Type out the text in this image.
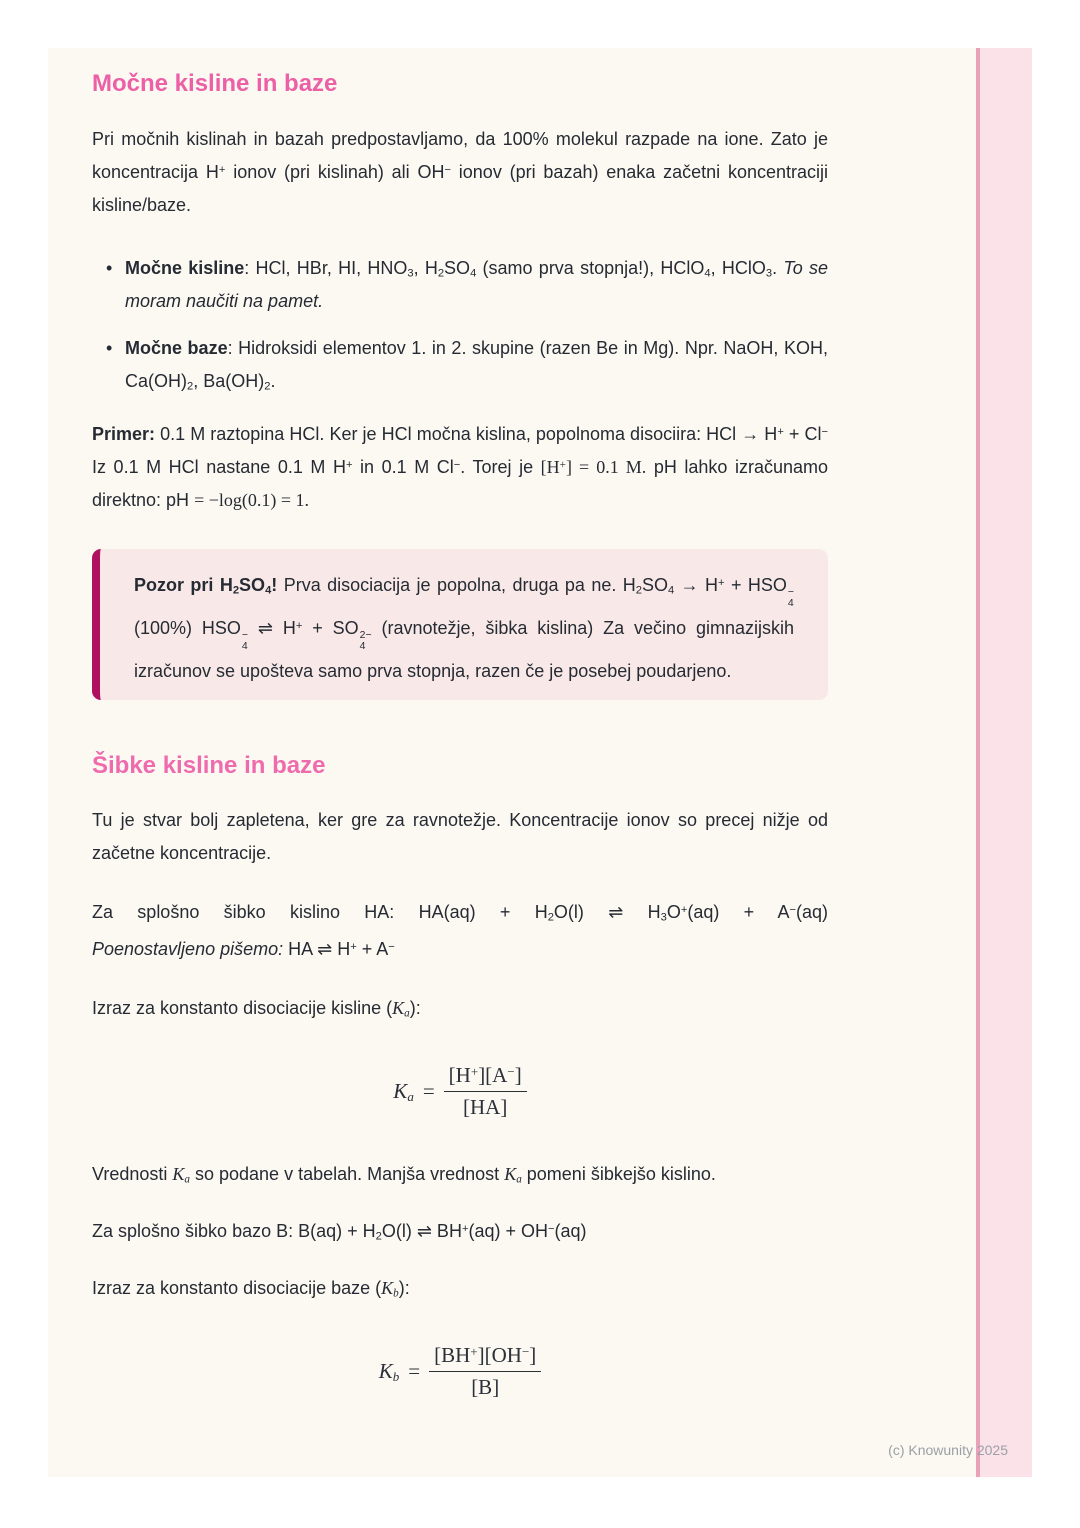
Močne kisline in baze

Pri močnih kislinah in bazah predpostavljamo, da 100% molekul razpade na ione. Zato je koncentracija H+ ionov (pri kislinah) ali OH− ionov (pri bazah) enaka začetni koncentraciji kisline/baze.

• Močne kisline: HCl, HBr, HI, $HNO_3$, $H_2SO_4$ (samo prva stopnja!), HClO$_4$, HClO$_3$. To se moram naučiti na pamet.
• Močne baze: Hidroksidi elementov 1. in 2. skupine (razen Be in Mg). Npr. NaOH, KOH, $Ca(OH)_2$, $Ba(OH)_2$.

Primer: 0.1 M raztopina HCl. Ker je HCl močna kislina, popolnoma disociira: HCl → H+ + Cl− Iz 0.1 M HCl nastane 0.1 M H+ in 0.1 M Cl−. Torej je [H+] = 0.1 M. pH lahko izračunamo direktno: pH = −log(0.1) = 1.

Pozor pri $H_2SO_4$! Prva disociacija je popolna, druga pa ne. $H_2SO_4 \to H^+$ + HSO −
4
(100%) HSO −
4
⇌ H+ + SO 2−
4
(ravnotežje, šibka kislina) Za večino gimnazijskih izračunov se upošteva samo prva stopnja, razen če je posebej poudarjeno.

Šibke kisline in baze

Tu je stvar bolj zapletena, ker gre za ravnotežje. Koncentracije ionov so precej nižje od začetne koncentracije.

Za splošno šibko kislino HA: $HA(aq) + H_2O(l)$ ⇌ $H_3O^+(aq) + A^-(aq)$

Poenostavljeno pišemo: HA ⇌ H+ + A−

Izraz za konstanto disociacije kisline $(K_a)$:

$K_a = \frac{[H^+][A^-]}{[HA]}$

Vrednosti $K_a$ so podane v tabelah. Manjša vrednost $K_a$ pomeni šibkejšo kislino.

Za splošno šibko bazo B: $B(aq) + H_2O(l)$ ⇌ BH+(aq) + OH−(aq)

Izraz za konstanto disociacije baze $(K_b)$:

$K_b = \frac{[BH^+][OH^-]}{[B]}$
(c) Knowunity 2025
